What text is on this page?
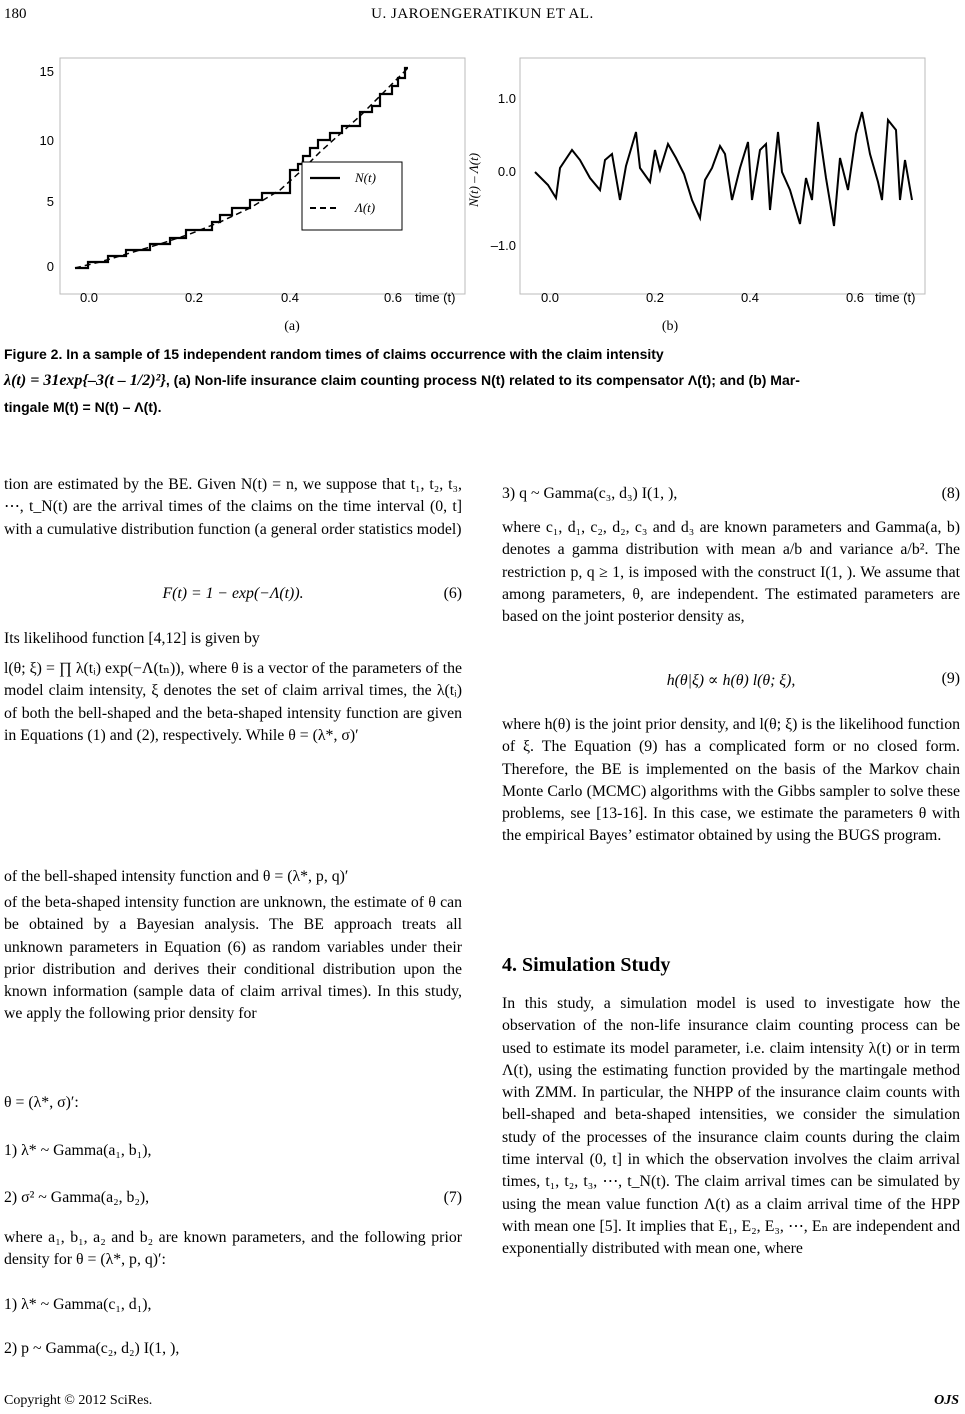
180	U. JAROENGERATIKUN ET AL.
15
10
5
0
0.0	0.2	0.4	0.6 time (t)
N(t)
Λ(t)
(a)
1.0
0.0
–1.0
0.0	0.2	0.4	0.6 time (t)
N(t) – Λ(t)
(b)
Figure 2. In a sample of 15 independent random times of claims occurrence with the claim intensity
λ(t) = 31exp{–3(t – 1/2)²}, (a) Non-life insurance claim counting process N(t) related to its compensator Λ(t); and (b) Mar-
tingale M(t) = N(t) – Λ(t).
tion are estimated by the BE. Given N(t) = n, we suppose that t₁, t₂, t₃, ⋯, t_N(t) are the arrival times of the claims on the time interval (0, t] with a cumulative distribution function (a general order statistics model)
F(t) = 1 − exp(−Λ(t)).	(6)
Its likelihood function [4,12] is given by
l(θ; ξ) = ∏ λ(tᵢ) exp(−Λ(tₙ)), where θ is a vector of the parameters of the model claim intensity, ξ denotes the set of claim arrival times, the λ(tᵢ) of both the bell-shaped and the beta-shaped intensity function are given in Equations (1) and (2), respectively. While θ = (λ*, σ)′
of the bell-shaped intensity function and θ = (λ*, p, q)′
of the beta-shaped intensity function are unknown, the estimate of θ can be obtained by a Bayesian analysis. The BE approach treats all unknown parameters in Equation (6) as random variables under their prior distribution and derives their conditional distribution upon the known information (sample data of claim arrival times). In this study, we apply the following prior density for
θ = (λ*, σ)′:
1) λ* ~ Gamma(a₁, b₁),
2) σ² ~ Gamma(a₂, b₂),	(7)
where a₁, b₁, a₂ and b₂ are known parameters, and the following prior density for θ = (λ*, p, q)′:
1) λ* ~ Gamma(c₁, d₁),
2) p ~ Gamma(c₂, d₂) I(1, ),
3) q ~ Gamma(c₃, d₃) I(1, ),	(8)
where c₁, d₁, c₂, d₂, c₃ and d₃ are known parameters and Gamma(a, b) denotes a gamma distribution with mean a/b and variance a/b². The restriction p, q ≥ 1, is imposed with the construct I(1, ). We assume that among parameters, θ, are independent. The estimated parameters are based on the joint posterior density as,
h(θ|ξ) ∝ h(θ) l(θ; ξ),	(9)
where h(θ) is the joint prior density, and l(θ; ξ) is the likelihood function of ξ. The Equation (9) has a complicated form or no closed form. Therefore, the BE is implemented on the basis of the Markov chain Monte Carlo (MCMC) algorithms with the Gibbs sampler to solve these problems, see [13-16]. In this case, we estimate the parameters θ with the empirical Bayes’ estimator obtained by using the BUGS program.
4. Simulation Study
In this study, a simulation model is used to investigate how the observation of the non-life insurance claim counting process can be used to estimate its model parameter, i.e. claim intensity λ(t) or in term Λ(t), using the estimating function provided by the martingale method with ZMM. In particular, the NHPP of the insurance claim counts with bell-shaped and beta-shaped intensities, we consider the simulation study of the processes of the insurance claim counts during the claim time interval (0, t] in which the observation involves the claim arrival times, t₁, t₂, t₃, ⋯, t_N(t). The claim arrival times can be simulated by using the mean value function Λ(t) as a claim arrival time of the HPP with mean one [5]. It implies that E₁, E₂, E₃, ⋯, Eₙ are independent and exponentially distributed with mean one, where
Copyright © 2012 SciRes.	OJS
